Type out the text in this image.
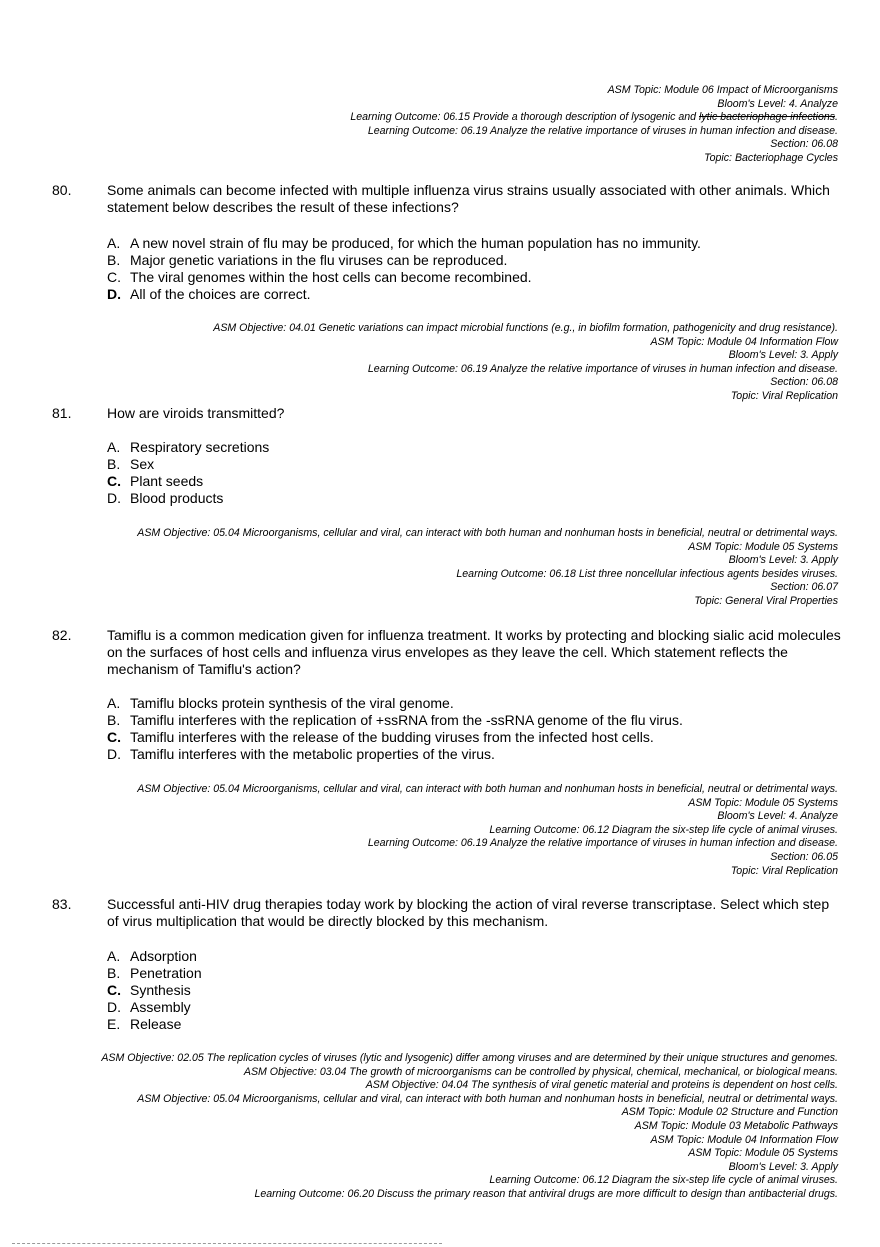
ASM Topic: Module 06 Impact of Microorganisms
Bloom's Level: 4. Analyze
Learning Outcome: 06.15 Provide a thorough description of lysogenic and lytic bacteriophage infections.
Learning Outcome: 06.19 Analyze the relative importance of viruses in human infection and disease.
Section: 06.08
Topic: Bacteriophage Cycles
80.	Some animals can become infected with multiple influenza virus strains usually associated with other animals. Which statement below describes the result of these infections?
A. A new novel strain of flu may be produced, for which the human population has no immunity.
B. Major genetic variations in the flu viruses can be reproduced.
C. The viral genomes within the host cells can become recombined.
D. All of the choices are correct.
ASM Objective: 04.01 Genetic variations can impact microbial functions (e.g., in biofilm formation, pathogenicity and drug resistance).
ASM Topic: Module 04 Information Flow
Bloom's Level: 3. Apply
Learning Outcome: 06.19 Analyze the relative importance of viruses in human infection and disease.
Section: 06.08
Topic: Viral Replication
81.	How are viroids transmitted?
A. Respiratory secretions
B. Sex
C. Plant seeds
D. Blood products
ASM Objective: 05.04 Microorganisms, cellular and viral, can interact with both human and nonhuman hosts in beneficial, neutral or detrimental ways.
ASM Topic: Module 05 Systems
Bloom's Level: 3. Apply
Learning Outcome: 06.18 List three noncellular infectious agents besides viruses.
Section: 06.07
Topic: General Viral Properties
82.	Tamiflu is a common medication given for influenza treatment. It works by protecting and blocking sialic acid molecules on the surfaces of host cells and influenza virus envelopes as they leave the cell. Which statement reflects the mechanism of Tamiflu's action?
A. Tamiflu blocks protein synthesis of the viral genome.
B. Tamiflu interferes with the replication of +ssRNA from the -ssRNA genome of the flu virus.
C. Tamiflu interferes with the release of the budding viruses from the infected host cells.
D. Tamiflu interferes with the metabolic properties of the virus.
ASM Objective: 05.04 Microorganisms, cellular and viral, can interact with both human and nonhuman hosts in beneficial, neutral or detrimental ways.
ASM Topic: Module 05 Systems
Bloom's Level: 4. Analyze
Learning Outcome: 06.12 Diagram the six-step life cycle of animal viruses.
Learning Outcome: 06.19 Analyze the relative importance of viruses in human infection and disease.
Section: 06.05
Topic: Viral Replication
83.	Successful anti-HIV drug therapies today work by blocking the action of viral reverse transcriptase. Select which step of virus multiplication that would be directly blocked by this mechanism.
A. Adsorption
B. Penetration
C. Synthesis
D. Assembly
E. Release
ASM Objective: 02.05 The replication cycles of viruses (lytic and lysogenic) differ among viruses and are determined by their unique structures and genomes.
ASM Objective: 03.04 The growth of microorganisms can be controlled by physical, chemical, mechanical, or biological means.
ASM Objective: 04.04 The synthesis of viral genetic material and proteins is dependent on host cells.
ASM Objective: 05.04 Microorganisms, cellular and viral, can interact with both human and nonhuman hosts in beneficial, neutral or detrimental ways.
ASM Topic: Module 02 Structure and Function
ASM Topic: Module 03 Metabolic Pathways
ASM Topic: Module 04 Information Flow
ASM Topic: Module 05 Systems
Bloom's Level: 3. Apply
Learning Outcome: 06.12 Diagram the six-step life cycle of animal viruses.
Learning Outcome: 06.20 Discuss the primary reason that antiviral drugs are more difficult to design than antibacterial drugs.
